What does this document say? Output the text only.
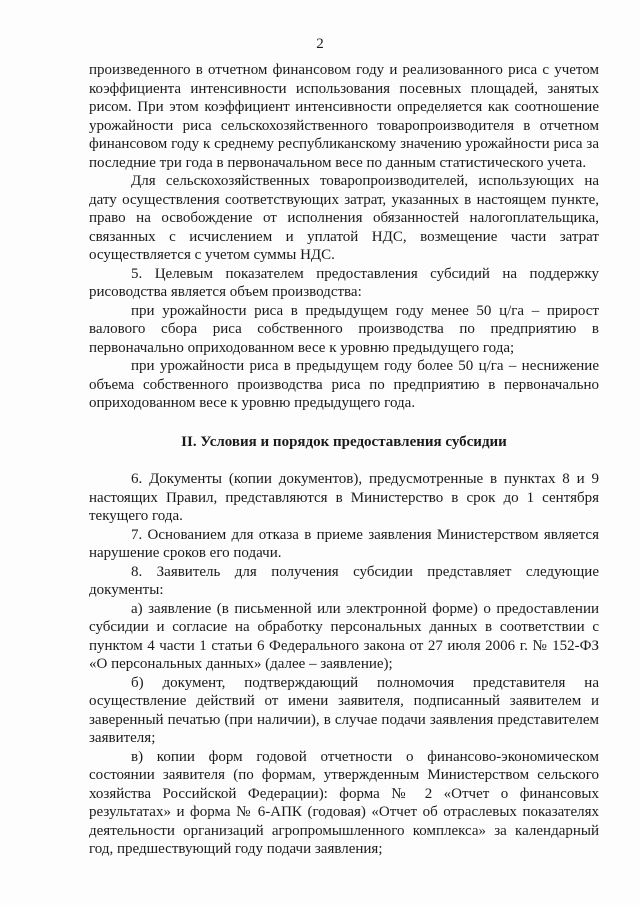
2

произведенного в отчетном финансовом году и реализованного риса с учетом коэффициента интенсивности использования посевных площадей, занятых рисом. При этом коэффициент интенсивности определяется как соотношение урожайности риса сельскохозяйственного товаропроизводителя в отчетном финансовом году к среднему республиканскому значению урожайности риса за последние три года в первоначальном весе по данным статистического учета.

Для сельскохозяйственных товаропроизводителей, использующих на дату осуществления соответствующих затрат, указанных в настоящем пункте, право на освобождение от исполнения обязанностей налогоплательщика, связанных с исчислением и уплатой НДС, возмещение части затрат осуществляется с учетом суммы НДС.

5. Целевым показателем предоставления субсидий на поддержку рисоводства является объем производства:

при урожайности риса в предыдущем году менее 50 ц/га – прирост валового сбора риса собственного производства по предприятию в первоначально оприходованном весе к уровню предыдущего года;

при урожайности риса в предыдущем году более 50 ц/га – неснижение объема собственного производства риса по предприятию в первоначально оприходованном весе к уровню предыдущего года.

II. Условия и порядок предоставления субсидии

6. Документы (копии документов), предусмотренные в пунктах 8 и 9 настоящих Правил, представляются в Министерство в срок до 1 сентября текущего года.

7. Основанием для отказа в приеме заявления Министерством является нарушение сроков его подачи.

8. Заявитель для получения субсидии представляет следующие документы:

а) заявление (в письменной или электронной форме) о предоставлении субсидии и согласие на обработку персональных данных в соответствии с пунктом 4 части 1 статьи 6 Федерального закона от 27 июля 2006 г. № 152-ФЗ «О персональных данных» (далее – заявление);

б) документ, подтверждающий полномочия представителя на осуществление действий от имени заявителя, подписанный заявителем и заверенный печатью (при наличии), в случае подачи заявления представителем заявителя;

в) копии форм годовой отчетности о финансово-экономическом состоянии заявителя (по формам, утвержденным Министерством сельского хозяйства Российской Федерации): форма № 2 «Отчет о финансовых результатах» и форма № 6-АПК (годовая) «Отчет об отраслевых показателях деятельности организаций агропромышленного комплекса» за календарный год, предшествующий году подачи заявления;
